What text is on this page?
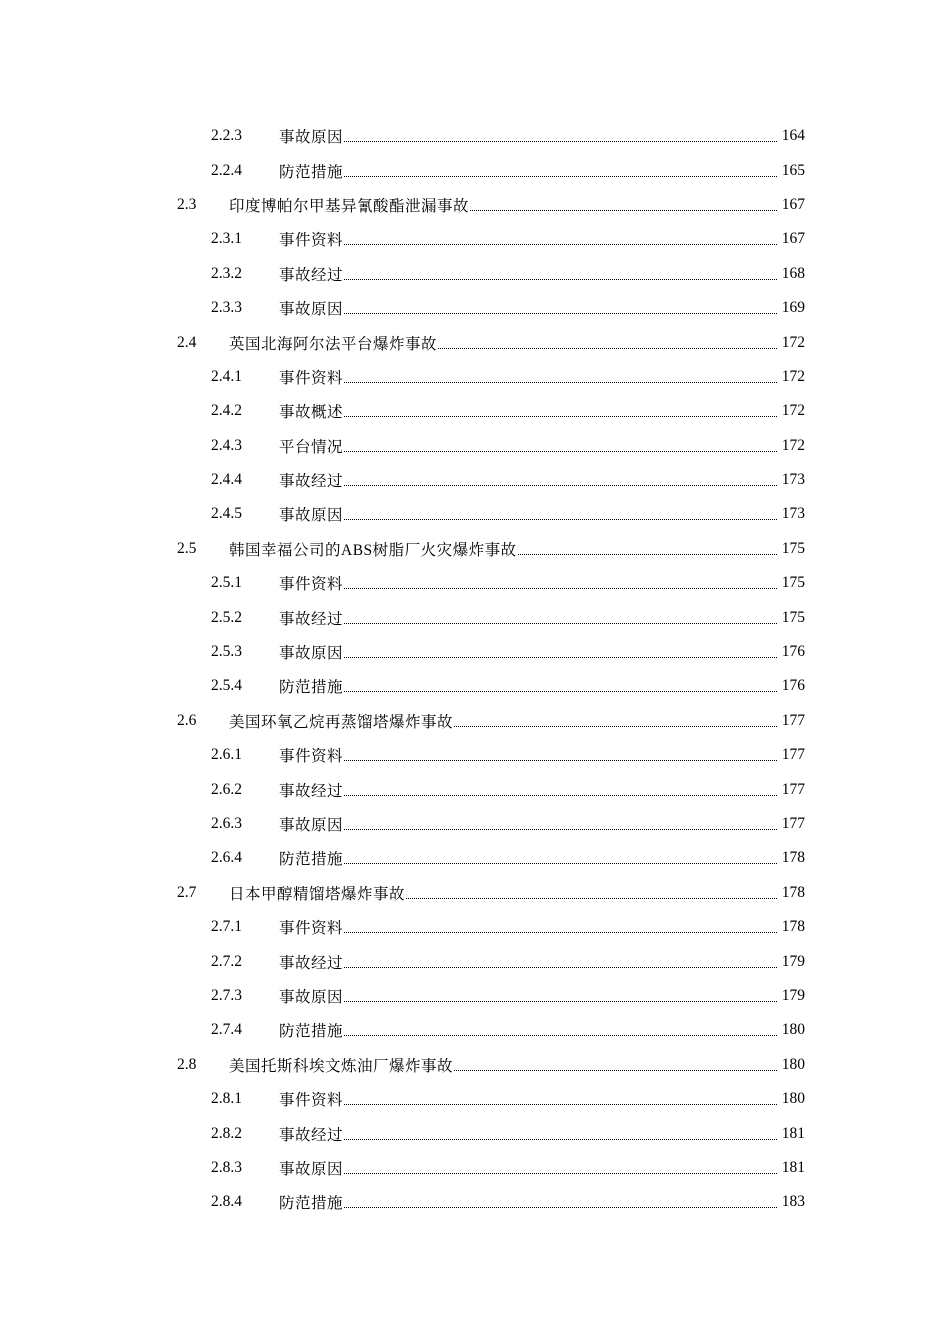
2.2.3	事故原因	164
2.2.4	防范措施	165
2.3	印度博帕尔甲基异氰酸酯泄漏事故	167
2.3.1	事件资料	167
2.3.2	事故经过	168
2.3.3	事故原因	169
2.4	英国北海阿尔法平台爆炸事故	172
2.4.1	事件资料	172
2.4.2	事故概述	172
2.4.3	平台情况	172
2.4.4	事故经过	173
2.4.5	事故原因	173
2.5	韩国幸福公司的ABS树脂厂火灾爆炸事故	175
2.5.1	事件资料	175
2.5.2	事故经过	175
2.5.3	事故原因	176
2.5.4	防范措施	176
2.6	美国环氧乙烷再蒸馏塔爆炸事故	177
2.6.1	事件资料	177
2.6.2	事故经过	177
2.6.3	事故原因	177
2.6.4	防范措施	178
2.7	日本甲醇精馏塔爆炸事故	178
2.7.1	事件资料	178
2.7.2	事故经过	179
2.7.3	事故原因	179
2.7.4	防范措施	180
2.8	美国托斯科埃文炼油厂爆炸事故	180
2.8.1	事件资料	180
2.8.2	事故经过	181
2.8.3	事故原因	181
2.8.4	防范措施	183
